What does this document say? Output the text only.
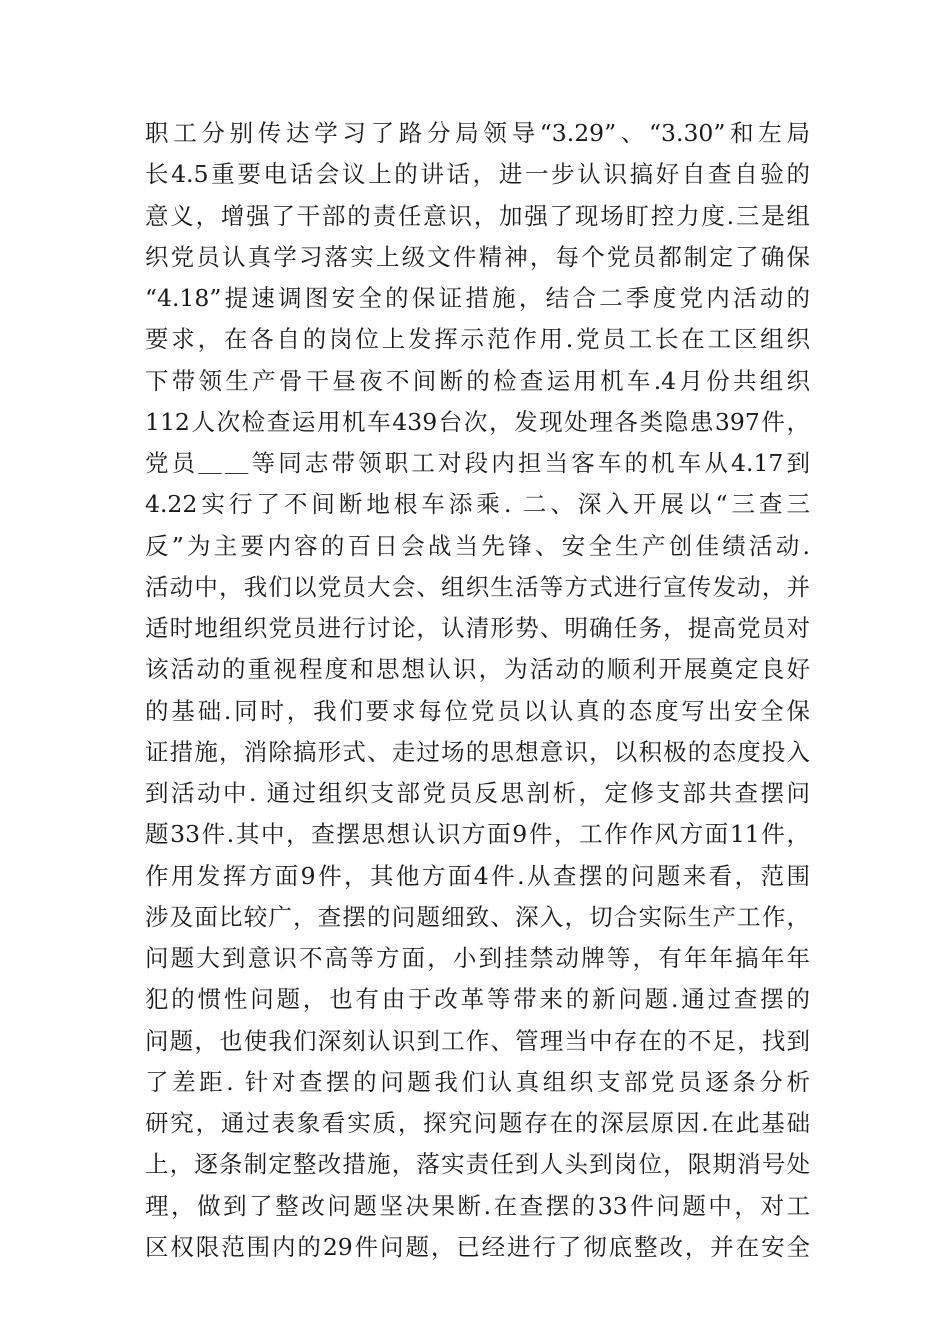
职工分别传达学习了路分局领导“3.29”、“3.30”和左局
长4.5重要电话会议上的讲话，进一步认识搞好自查自验的
意义，增强了干部的责任意识，加强了现场盯控力度.三是组
织党员认真学习落实上级文件精神，每个党员都制定了确保
“4.18”提速调图安全的保证措施，结合二季度党内活动的
要求，在各自的岗位上发挥示范作用.党员工长在工区组织
下带领生产骨干昼夜不间断的检查运用机车.4月份共组织
112人次检查运用机车439台次，发现处理各类隐患397件，
党员＿＿等同志带领职工对段内担当客车的机车从4.17到
4.22实行了不间断地根车添乘. 二、深入开展以“三查三
反”为主要内容的百日会战当先锋、安全生产创佳绩活动.
活动中，我们以党员大会、组织生活等方式进行宣传发动，并
适时地组织党员进行讨论，认清形势、明确任务，提高党员对
该活动的重视程度和思想认识，为活动的顺利开展奠定良好
的基础.同时，我们要求每位党员以认真的态度写出安全保
证措施，消除搞形式、走过场的思想意识，以积极的态度投入
到活动中. 通过组织支部党员反思剖析，定修支部共查摆问
题33件.其中，查摆思想认识方面9件，工作作风方面11件，
作用发挥方面9件，其他方面4件.从查摆的问题来看，范围
涉及面比较广，查摆的问题细致、深入，切合实际生产工作，
问题大到意识不高等方面，小到挂禁动牌等，有年年搞年年
犯的惯性问题，也有由于改革等带来的新问题.通过查摆的
问题，也使我们深刻认识到工作、管理当中存在的不足，找到
了差距. 针对查摆的问题我们认真组织支部党员逐条分析
研究，通过表象看实质，探究问题存在的深层原因.在此基础
上，逐条制定整改措施，落实责任到人头到岗位，限期消号处
理，做到了整改问题坚决果断.在查摆的33件问题中，对工
区权限范围内的29件问题，已经进行了彻底整改，并在安全
